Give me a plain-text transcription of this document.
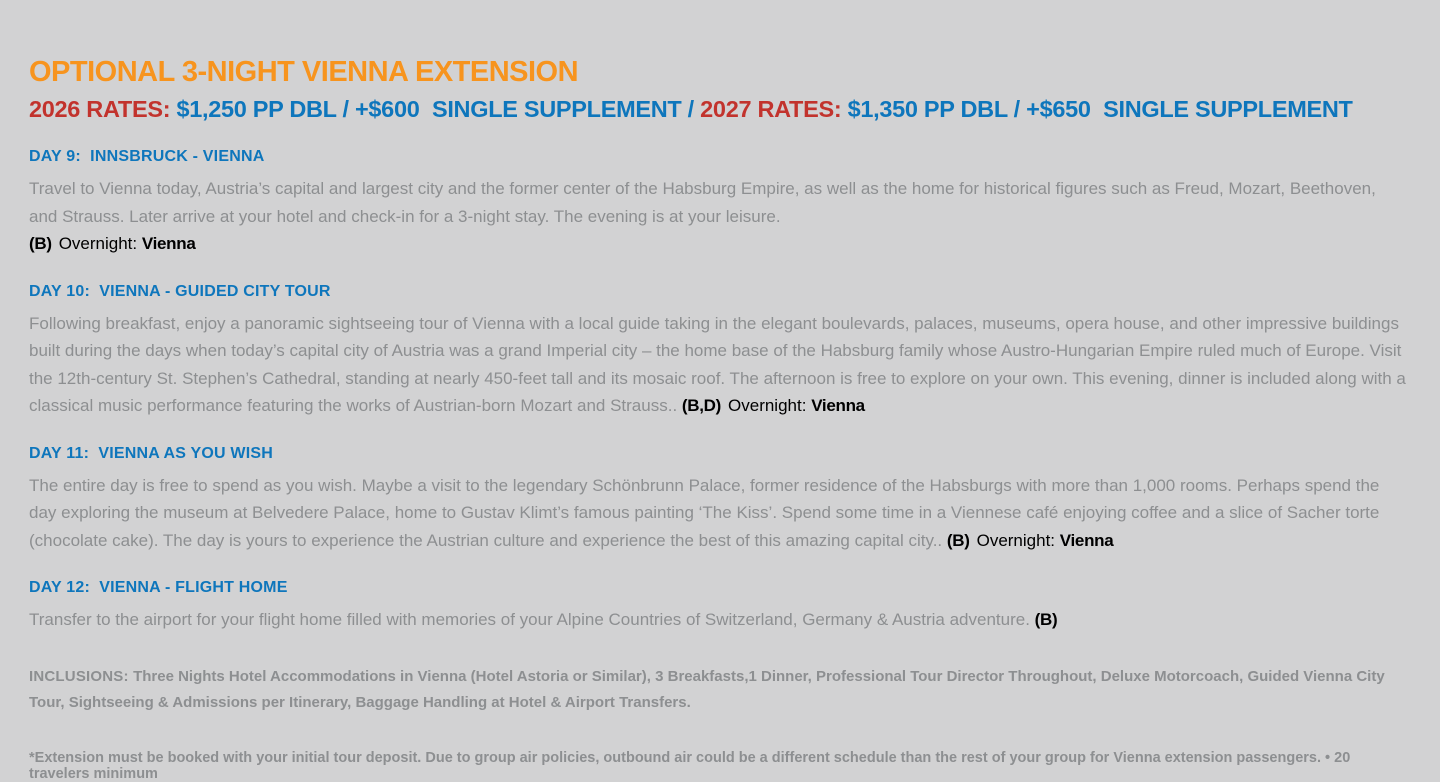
OPTIONAL 3-NIGHT VIENNA EXTENSION

2026 RATES: $1,250 PP DBL / +$600  SINGLE SUPPLEMENT / 2027 RATES: $1,350 PP DBL / +$650  SINGLE SUPPLEMENT

DAY 9:  INNSBRUCK - VIENNA

Travel to Vienna today, Austria’s capital and largest city and the former center of the Habsburg Empire, as well as the home for historical figures such as Freud, Mozart, Beethoven, and Strauss. Later arrive at your hotel and check-in for a 3-night stay. The evening is at your leisure.

(B) Overnight: Vienna

DAY 10:  VIENNA - GUIDED CITY TOUR

Following breakfast, enjoy a panoramic sightseeing tour of Vienna with a local guide taking in the elegant boulevards, palaces, museums, opera house, and other impressive buildings built during the days when today’s capital city of Austria was a grand Imperial city – the home base of the Habsburg family whose Austro-Hungarian Empire ruled much of Europe. Visit the 12th-century St. Stephen’s Cathedral, standing at nearly 450-feet tall and its mosaic roof. The afternoon is free to explore on your own. This evening, dinner is included along with a classical music performance featuring the works of Austrian-born Mozart and Strauss.. (B,D) Overnight: Vienna

DAY 11:  VIENNA AS YOU WISH

The entire day is free to spend as you wish. Maybe a visit to the legendary Schönbrunn Palace, former residence of the Habsburgs with more than 1,000 rooms. Perhaps spend the day exploring the museum at Belvedere Palace, home to Gustav Klimt’s famous painting ‘The Kiss’. Spend some time in a Viennese café enjoying coffee and a slice of Sacher torte (chocolate cake). The day is yours to experience the Austrian culture and experience the best of this amazing capital city.. (B) Overnight: Vienna

DAY 12:  VIENNA - FLIGHT HOME

Transfer to the airport for your flight home filled with memories of your Alpine Countries of Switzerland, Germany & Austria adventure. (B)

INCLUSIONS: Three Nights Hotel Accommodations in Vienna (Hotel Astoria or Similar), 3 Breakfasts,1 Dinner, Professional Tour Director Throughout, Deluxe Motorcoach, Guided Vienna City Tour, Sightseeing & Admissions per Itinerary, Baggage Handling at Hotel & Airport Transfers.

*Extension must be booked with your initial tour deposit. Due to group air policies, outbound air could be a different schedule than the rest of your group for Vienna extension passengers. • 20 travelers minimum
